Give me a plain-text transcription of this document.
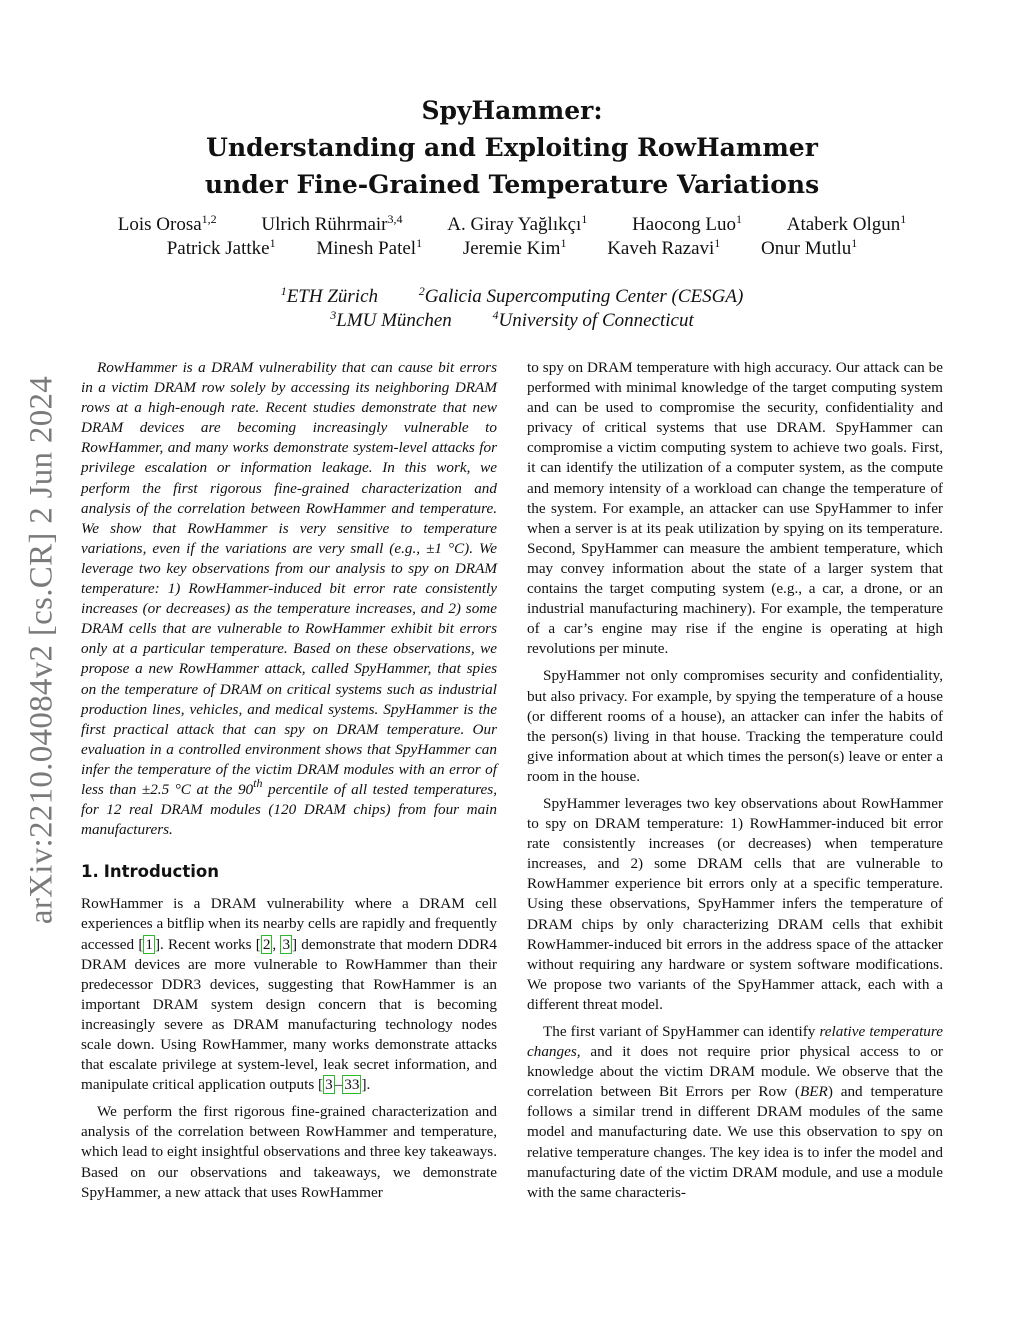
arXiv:2210.04084v2 [cs.CR] 2 Jun 2024
SpyHammer:
Understanding and Exploiting RowHammer
under Fine-Grained Temperature Variations
Lois Orosa$^{1,2}$ Ulrich Rührmair$^{3,4}$ A. Giray Yağlıkçı$^1$ Haocong Luo$^1$ Ataberk Olgun$^1$
Patrick Jattke$^1$ Minesh Patel$^1$ Jeremie Kim$^1$ Kaveh Razavi$^1$ Onur Mutlu$^1$
$^1$ETH Zürich	$^2$Galicia Supercomputing Center (CESGA)
$^3$LMU München	$^4$University of Connecticut

RowHammer is a DRAM vulnerability that can cause bit errors in a victim DRAM row solely by accessing its neighboring DRAM rows at a high-enough rate. Recent studies demonstrate that new DRAM devices are becoming increasingly vulnerable to RowHammer, and many works demonstrate system-level attacks for privilege escalation or information leakage. In this work, we perform the first rigorous fine-grained characterization and analysis of the correlation between RowHammer and temperature. We show that RowHammer is very sensitive to temperature variations, even if the variations are very small (e.g., ±1 °C). We leverage two key observations from our analysis to spy on DRAM temperature: 1) RowHammer-induced bit error rate consistently increases (or decreases) as the temperature increases, and 2) some DRAM cells that are vulnerable to RowHammer exhibit bit errors only at a particular temperature. Based on these observations, we propose a new RowHammer attack, called SpyHammer, that spies on the temperature of DRAM on critical systems such as industrial production lines, vehicles, and medical systems. SpyHammer is the first practical attack that can spy on DRAM temperature. Our evaluation in a controlled environment shows that SpyHammer can infer the temperature of the victim DRAM modules with an error of less than ±2.5 °C at the 90th percentile of all tested temperatures, for 12 real DRAM modules (120 DRAM chips) from four main manufacturers.

1. Introduction

RowHammer is a DRAM vulnerability where a DRAM cell experiences a bitflip when its nearby cells are rapidly and frequently accessed [ 1 ]. Recent works [ 2 , 3 ] demonstrate that modern DDR4 DRAM devices are more vulnerable to RowHammer than their predecessor DDR3 devices, suggesting that RowHammer is an important DRAM system design concern that is becoming increasingly severe as DRAM manufacturing technology nodes scale down. Using RowHammer, many works demonstrate attacks that escalate privilege at system-level, leak secret information, and manipulate critical application outputs [ 3 – 33 ].

We perform the first rigorous fine-grained characterization and analysis of the correlation between RowHammer and temperature, which lead to eight insightful observations and three key takeaways. Based on our observations and takeaways, we demonstrate SpyHammer, a new attack that uses RowHammer

to spy on DRAM temperature with high accuracy. Our attack can be performed with minimal knowledge of the target computing system and can be used to compromise the security, confidentiality and privacy of critical systems that use DRAM. SpyHammer can compromise a victim computing system to achieve two goals. First, it can identify the utilization of a computer system, as the compute and memory intensity of a workload can change the temperature of the system. For example, an attacker can use SpyHammer to infer when a server is at its peak utilization by spying on its temperature. Second, SpyHammer can measure the ambient temperature, which may convey information about the state of a larger system that contains the target computing system (e.g., a car, a drone, or an industrial manufacturing machinery). For example, the temperature of a car’s engine may rise if the engine is operating at high revolutions per minute.

SpyHammer not only compromises security and confidentiality, but also privacy. For example, by spying the temperature of a house (or different rooms of a house), an attacker can infer the habits of the person(s) living in that house. Tracking the temperature could give information about at which times the person(s) leave or enter a room in the house.

SpyHammer leverages two key observations about RowHammer to spy on DRAM temperature: 1) RowHammer-induced bit error rate consistently increases (or decreases) when temperature increases, and 2) some DRAM cells that are vulnerable to RowHammer experience bit errors only at a specific temperature. Using these observations, SpyHammer infers the temperature of DRAM chips by only characterizing DRAM cells that exhibit RowHammer-induced bit errors in the address space of the attacker without requiring any hardware or system software modifications. We propose two variants of the SpyHammer attack, each with a different threat model.

The first variant of SpyHammer can identify relative temperature changes, and it does not require prior physical access to or knowledge about the victim DRAM module. We observe that the correlation between Bit Errors per Row (BER) and temperature follows a similar trend in different DRAM modules of the same model and manufacturing date. We use this observation to spy on relative temperature changes. The key idea is to infer the model and manufacturing date of the victim DRAM module, and use a module with the same characteris-
